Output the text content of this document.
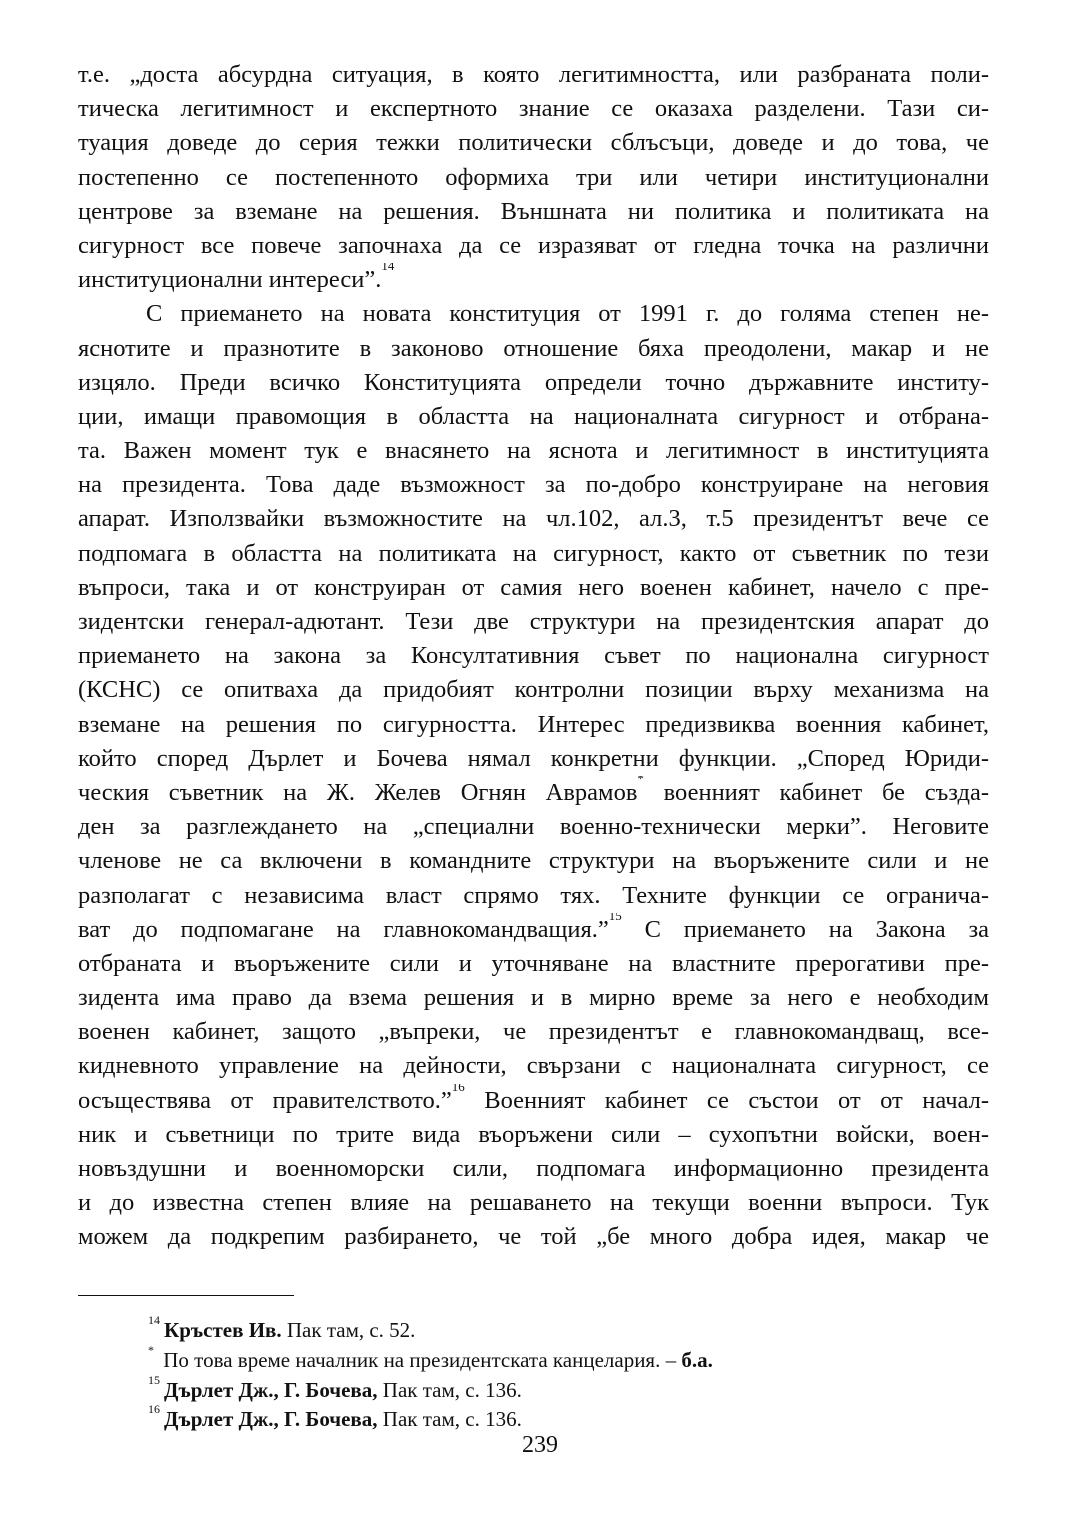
т.е. „доста абсурдна ситуация, в която легитимността, или разбраната поли-
тическа легитимност и експертното знание се оказаха разделени. Тази си-
туация доведе до серия тежки политически сблъсъци, доведе и до това, че
постепенно се постепенното оформиха три или четири институционални
центрове за вземане на решения. Външната ни политика и политиката на
сигурност все повече започнаха да се изразяват от гледна точка на различни
институционални интереси”.$^{14}$
С приемането на новата конституция от 1991 г. до голяма степен не-
яснотите и празнотите в законово отношение бяха преодолени, макар и не
изцяло. Преди всичко Конституцията определи точно държавните институ-
ции, имащи правомощия в областта на националната сигурност и отбрана-
та. Важен момент тук е внасянето на яснота и легитимност в институцията
на президента. Това даде възможност за по-добро конструиране на неговия
апарат. Използвайки възможностите на чл.102, ал.3, т.5 президентът вече се
подпомага в областта на политиката на сигурност, както от съветник по тези
въпроси, така и от конструиран от самия него военен кабинет, начело с пре-
зидентски генерал-адютант. Тези две структури на президентския апарат до
приемането на закона за Консултативния съвет по национална сигурност
(КСНС) се опитваха да придобият контролни позиции върху механизма на
вземане на решения по сигурността. Интерес предизвиква военния кабинет,
който според Дърлет и Бочева нямал конкретни функции. „Според Юриди-
ческия съветник на Ж. Желев Огнян Аврамов* военният кабинет бе създа-
ден за разглеждането на „специални военно-технически мерки”. Неговите
членове не са включени в командните структури на въоръжените сили и не
разполагат с независима власт спрямо тях. Техните функции се огранича-
ват до подпомагане на главнокомандващия.”$^{15}$ С приемането на Закона за
отбраната и въоръжените сили и уточняване на властните прерогативи пре-
зидента има право да взема решения и в мирно време за него е необходим
военен кабинет, защото „въпреки, че президентът е главнокомандващ, все-
кидневното управление на дейности, свързани с националната сигурност, се
осъществява от правителството.”$^{16}$ Военният кабинет се състои от от начал-
ник и съветници по трите вида въоръжени сили – сухопътни войски, воен-
новъздушни и военноморски сили, подпомага информационно президента
и до известна степен влияе на решаването на текущи военни въпроси. Тук
можем да подкрепим разбирането, че той „бе много добра идея, макар че
$^{14}$ Кръстев Ив. Пак там, с. 52.
* По това време началник на президентската канцелария. – б.а.
$^{15}$ Дърлет Дж., Г. Бочева, Пак там, с. 136.
$^{16}$ Дърлет Дж., Г. Бочева, Пак там, с. 136.
239
